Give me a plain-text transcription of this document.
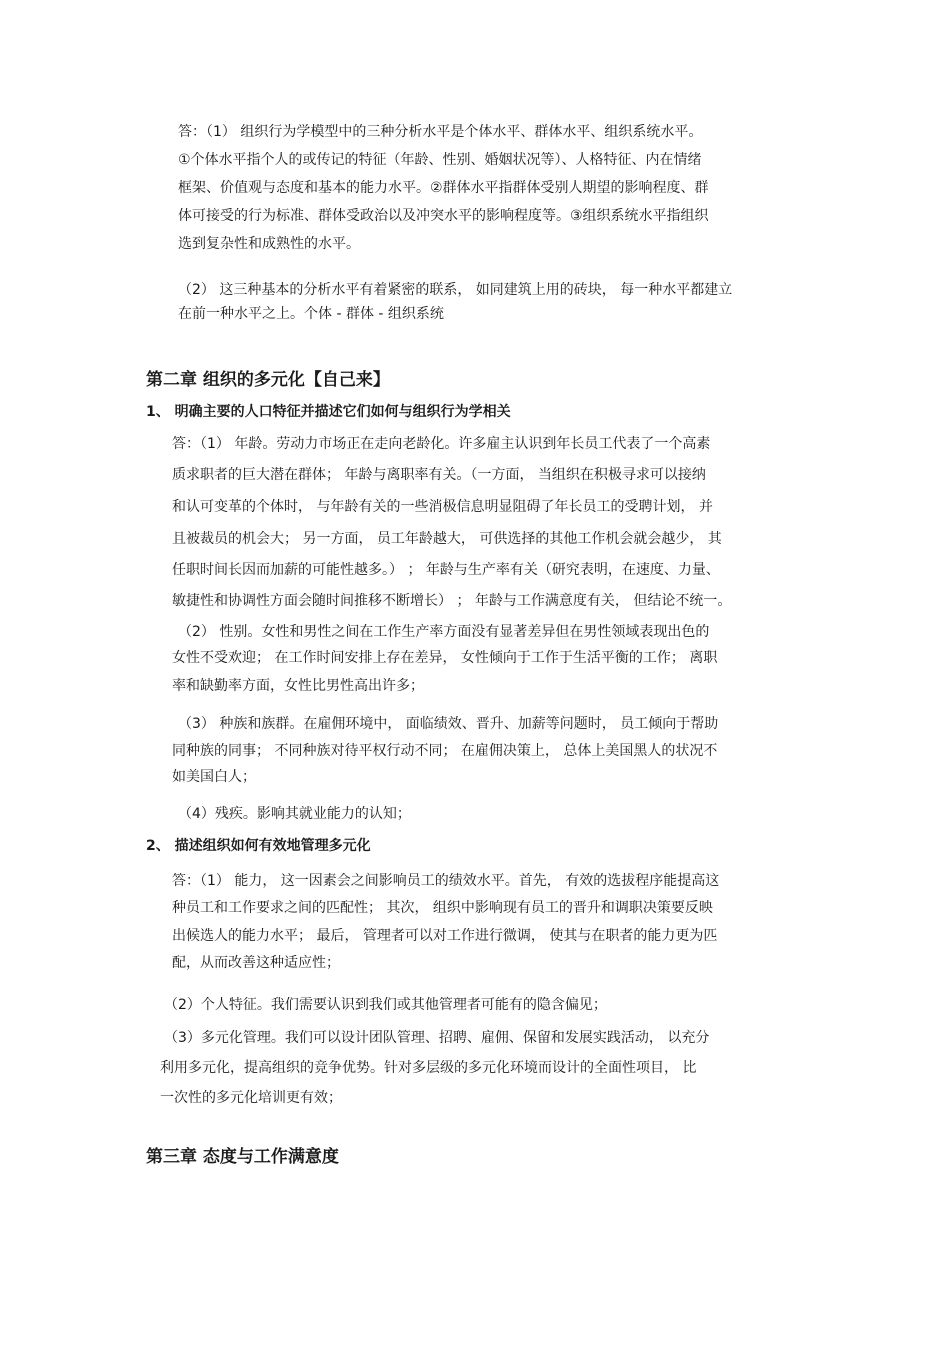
答：（1） 组织行为学模型中的三种分析水平是个体水平、群体水平、组织系统水平。
①个体水平指个人的或传记的特征（年龄、性别、婚姻状况等）、人格特征、内在情绪
框架、价值观与态度和基本的能力水平。②群体水平指群体受别人期望的影响程度、群
体可接受的行为标准、群体受政治以及冲突水平的影响程度等。③组织系统水平指组织
选到复杂性和成熟性的水平。
（2） 这三种基本的分析水平有着紧密的联系， 如同建筑上用的砖块， 每一种水平都建立
在前一种水平之上。个体 - 群体 - 组织系统
第二章 组织的多元化【自己来】
1、 明确主要的人口特征并描述它们如何与组织行为学相关
答：（1） 年龄。劳动力市场正在走向老龄化。许多雇主认识到年长员工代表了一个高素
质求职者的巨大潜在群体； 年龄与离职率有关。（一方面， 当组织在积极寻求可以接纳
和认可变革的个体时， 与年龄有关的一些消极信息明显阻碍了年长员工的受聘计划， 并
且被裁员的机会大； 另一方面， 员工年龄越大， 可供选择的其他工作机会就会越少， 其
任职时间长因而加薪的可能性越多。） ； 年龄与生产率有关（研究表明，在速度、力量、
敏捷性和协调性方面会随时间推移不断增长） ； 年龄与工作满意度有关， 但结论不统一。
（2） 性别。女性和男性之间在工作生产率方面没有显著差异但在男性领域表现出色的
女性不受欢迎； 在工作时间安排上存在差异， 女性倾向于工作于生活平衡的工作； 离职
率和缺勤率方面，女性比男性高出许多；
（3） 种族和族群。在雇佣环境中， 面临绩效、晋升、加薪等问题时， 员工倾向于帮助
同种族的同事； 不同种族对待平权行动不同； 在雇佣决策上， 总体上美国黑人的状况不
如美国白人；
（4）残疾。影响其就业能力的认知；
2、 描述组织如何有效地管理多元化
答：（1） 能力， 这一因素会之间影响员工的绩效水平。首先， 有效的选拔程序能提高这
种员工和工作要求之间的匹配性； 其次， 组织中影响现有员工的晋升和调职决策要反映
出候选人的能力水平； 最后， 管理者可以对工作进行微调， 使其与在职者的能力更为匹
配，从而改善这种适应性；
（2）个人特征。我们需要认识到我们或其他管理者可能有的隐含偏见；
（3）多元化管理。我们可以设计团队管理、招聘、雇佣、保留和发展实践活动， 以充分
利用多元化，提高组织的竞争优势。针对多层级的多元化环境而设计的全面性项目， 比
一次性的多元化培训更有效；
第三章 态度与工作满意度
